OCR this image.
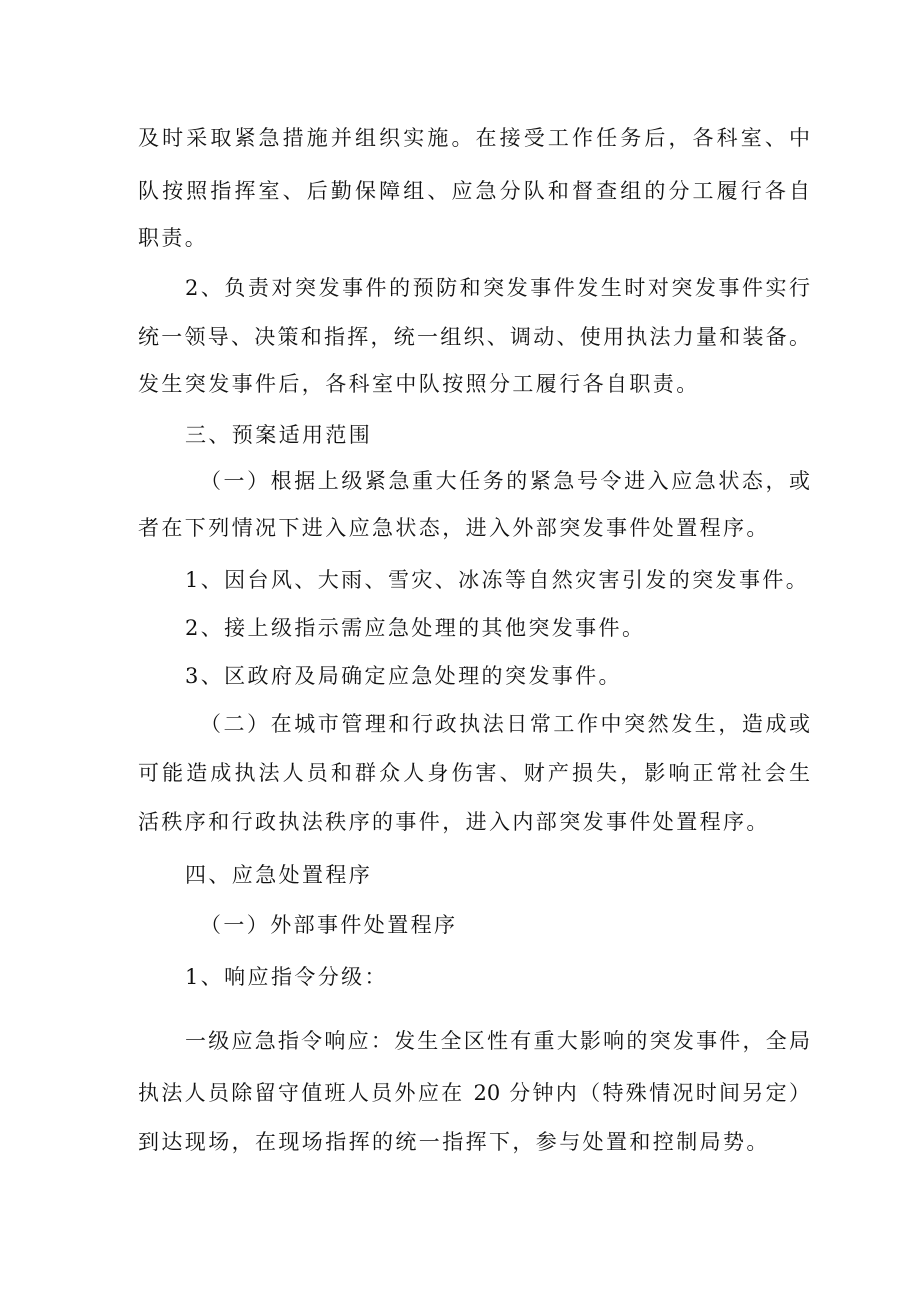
及时采取紧急措施并组织实施。在接受工作任务后，各科室、中
队按照指挥室、后勤保障组、应急分队和督查组的分工履行各自
职责。
2、负责对突发事件的预防和突发事件发生时对突发事件实行
统一领导、决策和指挥，统一组织、调动、使用执法力量和装备。
发生突发事件后，各科室中队按照分工履行各自职责。
三、预案适用范围
（一）根据上级紧急重大任务的紧急号令进入应急状态，或
者在下列情况下进入应急状态，进入外部突发事件处置程序。
1、因台风、大雨、雪灾、冰冻等自然灾害引发的突发事件。
2、接上级指示需应急处理的其他突发事件。
3、区政府及局确定应急处理的突发事件。
（二）在城市管理和行政执法日常工作中突然发生，造成或
可能造成执法人员和群众人身伤害、财产损失，影响正常社会生
活秩序和行政执法秩序的事件，进入内部突发事件处置程序。
四、应急处置程序
（一）外部事件处置程序
1、响应指令分级：
一级应急指令响应：发生全区性有重大影响的突发事件，全局
执法人员除留守值班人员外应在 20 分钟内（特殊情况时间另定）
到达现场，在现场指挥的统一指挥下，参与处置和控制局势。
